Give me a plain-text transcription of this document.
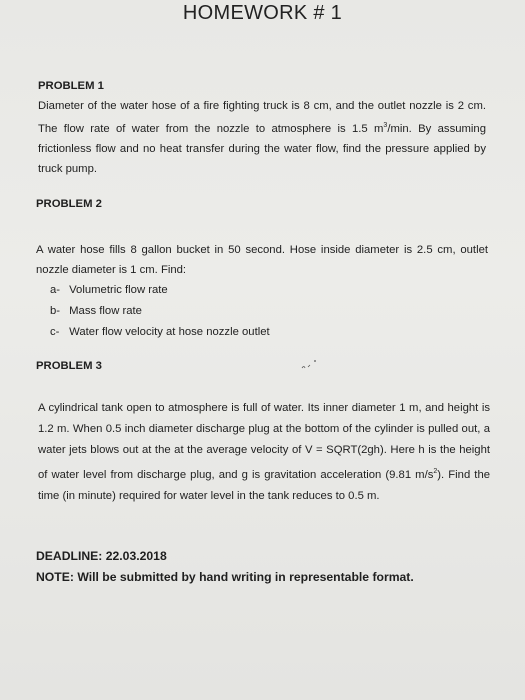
HOMEWORK # 1
PROBLEM 1
Diameter of the water hose of a fire fighting truck is 8 cm, and the outlet nozzle is 2 cm. The flow rate of water from the nozzle to atmosphere is 1.5 $m^3/\min$. By assuming frictionless flow and no heat transfer during the water flow, find the pressure applied by truck pump.
PROBLEM 2
A water hose fills 8 gallon bucket in 50 second. Hose inside diameter is 2.5 cm, outlet nozzle diameter is 1 cm. Find:
a- Volumetric flow rate
b- Mass flow rate
c- Water flow velocity at hose nozzle outlet
PROBLEM 3
A cylindrical tank open to atmosphere is full of water. Its inner diameter 1 m, and height is 1.2 m. When 0.5 inch diameter discharge plug at the bottom of the cylinder is pulled out, a water jets blows out at the at the average velocity of V = SQRT(2gh). Here h is the height of water level from discharge plug, and g is gravitation acceleration (9.81 $m/s^2$). Find the time (in minute) required for water level in the tank reduces to 0.5 m.
DEADLINE: 22.03.2018
NOTE: Will be submitted by hand writing in representable format.
